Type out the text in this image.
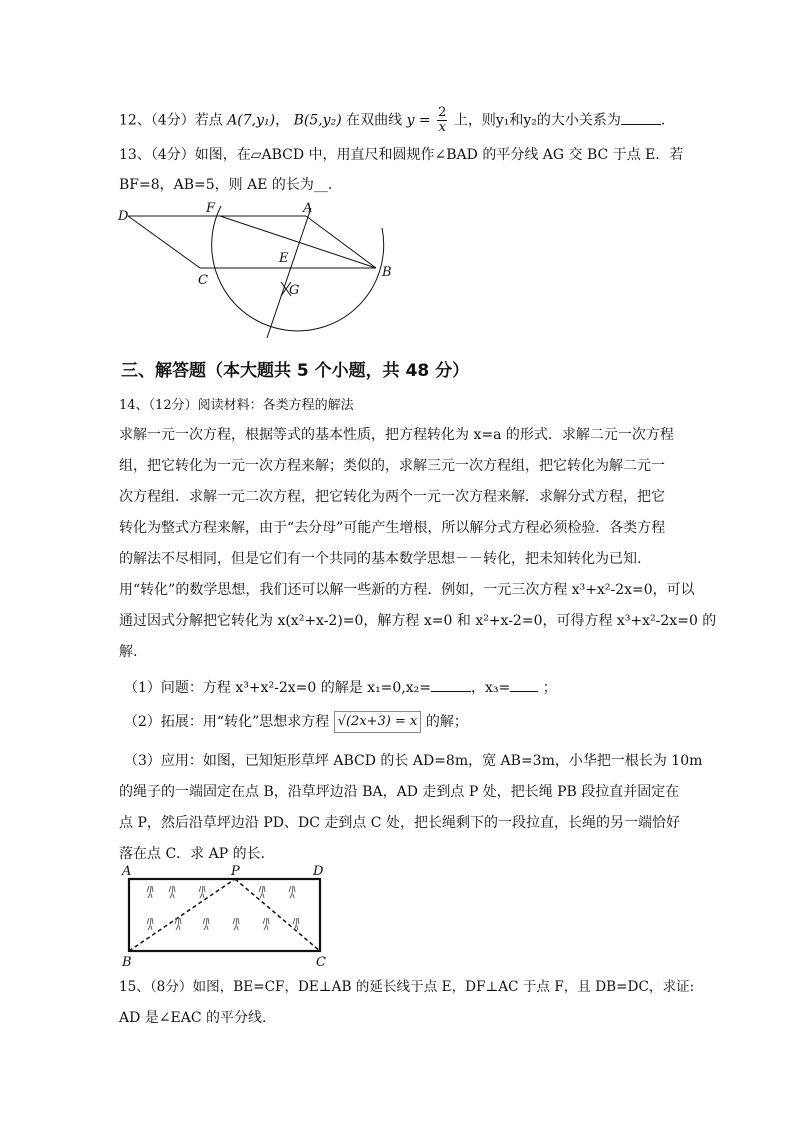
12、（4分）若点 A(7,y₁)， B(5,y₂) 在双曲线 $y = \frac{2}{x}$ 上，则y₁和y₂的大小关系为	.
13、（4分）如图，在▱ABCD 中，用直尺和圆规作∠BAD 的平分线 AG 交 BC 于点 E．若
BF=8，AB=5，则 AE 的长为__.
D
F	A
E
C
B
G
三、解答题（本大题共 5 个小题，共 48 分）
14、（12分）阅读材料：各类方程的解法
求解一元一次方程，根据等式的基本性质，把方程转化为 x=a 的形式．求解二元一次方程
组，把它转化为一元一次方程来解；类似的，求解三元一次方程组，把它转化为解二元一
次方程组．求解一元二次方程，把它转化为两个一元一次方程来解．求解分式方程，把它
转化为整式方程来解，由于“去分母”可能产生增根，所以解分式方程必须检验．各类方程
的解法不尽相同，但是它们有一个共同的基本数学思想－－转化，把未知转化为已知.
用“转化”的数学思想，我们还可以解一些新的方程．例如，一元三次方程 x³+x²-2x=0，可以
通过因式分解把它转化为 x(x²+x-2)=0，解方程 x=0 和 x²+x-2=0，可得方程 x³+x²-2x=0 的
解.
（1）问题：方程 x³+x²-2x=0 的解是 x₁=0,x₂=	，x₃= ；
（2）拓展：用“转化”思想求方程 √(2x+3) = x 的解；
（3）应用：如图，已知矩形草坪 ABCD 的长 AD=8m，宽 AB=3m，小华把一根长为 10m
的绳子的一端固定在点 B，沿草坪边沿 BA，AD 走到点 P 处，把长绳 PB 段拉直并固定在
点 P，然后沿草坪边沿 PD、DC 走到点 C 处，把长绳剩下的一段拉直，长绳的另一端恰好
落在点 C．求 AP 的长.
A	P	D
B	C
15、（8分）如图，BE=CF，DE⊥AB 的延长线于点 E，DF⊥AC 于点 F，且 DB=DC，求证:
AD 是∠EAC 的平分线.
